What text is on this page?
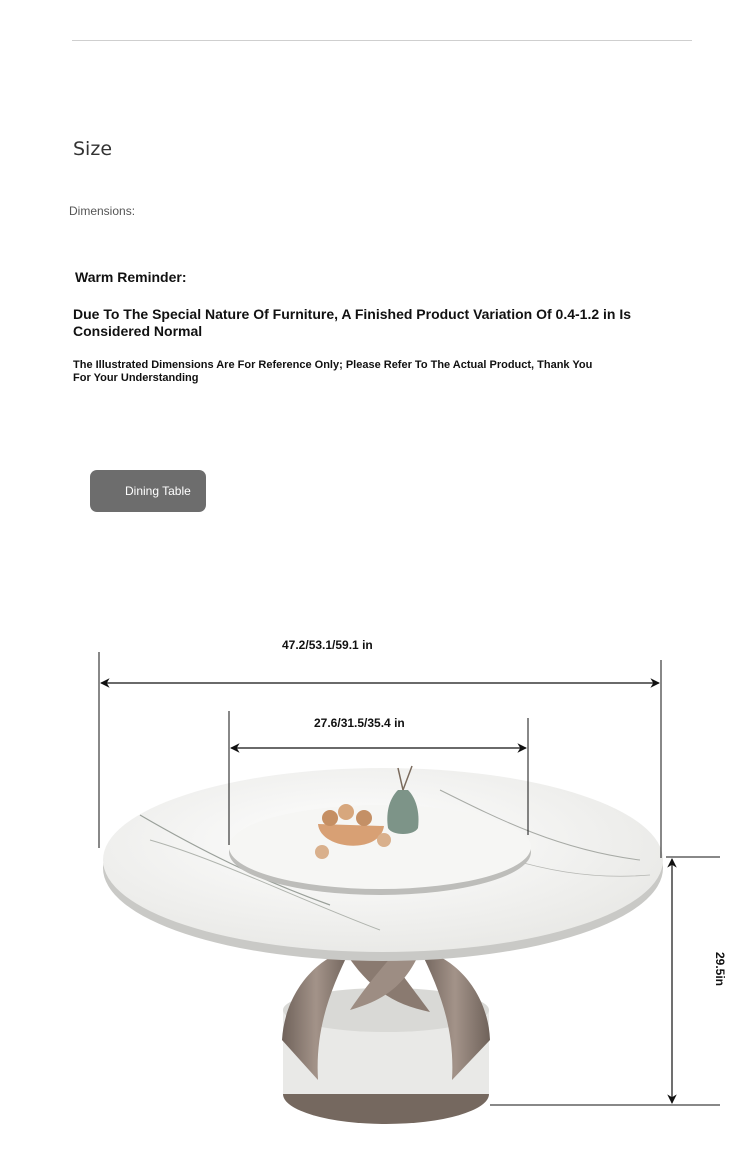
Size
Dimensions:
Warm Reminder:
Due To The Special Nature Of Furniture, A Finished Product Variation Of 0.4-1.2 in Is Considered Normal
The Illustrated Dimensions Are For Reference Only; Please Refer To The Actual Product, Thank You For Your Understanding
Dining Table
47.2/53.1/59.1 in
27.6/31.5/35.4 in
29.5in
